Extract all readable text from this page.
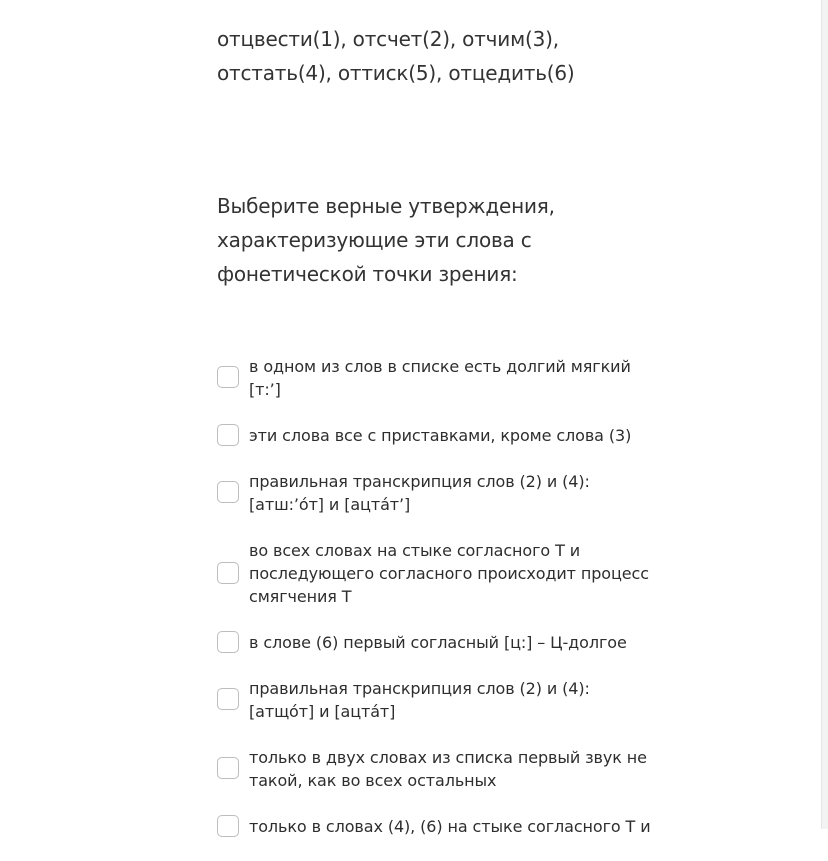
отцвести(1), отсчет(2), отчим(3), отстать(4), оттиск(5), отцедить(6)

Выберите верные утверждения, характеризующие эти слова с фонетической точки зрения:

в одном из слов в списке есть долгий мягкий [т:’]
эти слова все с приставками, кроме слова (3)
правильная транскрипция слов (2) и (4): [атш:’о́т] и [ацта́т’]
во всех словах на стыке согласного Т и последующего согласного происходит процесс смягчения Т
в слове (6) первый согласный [ц:] – Ц-долгое
правильная транскрипция слов (2) и (4): [атщо́т] и [ацта́т]
только в двух словах из списка первый звук не такой, как во всех остальных
только в словах (4), (6) на стыке согласного Т и
